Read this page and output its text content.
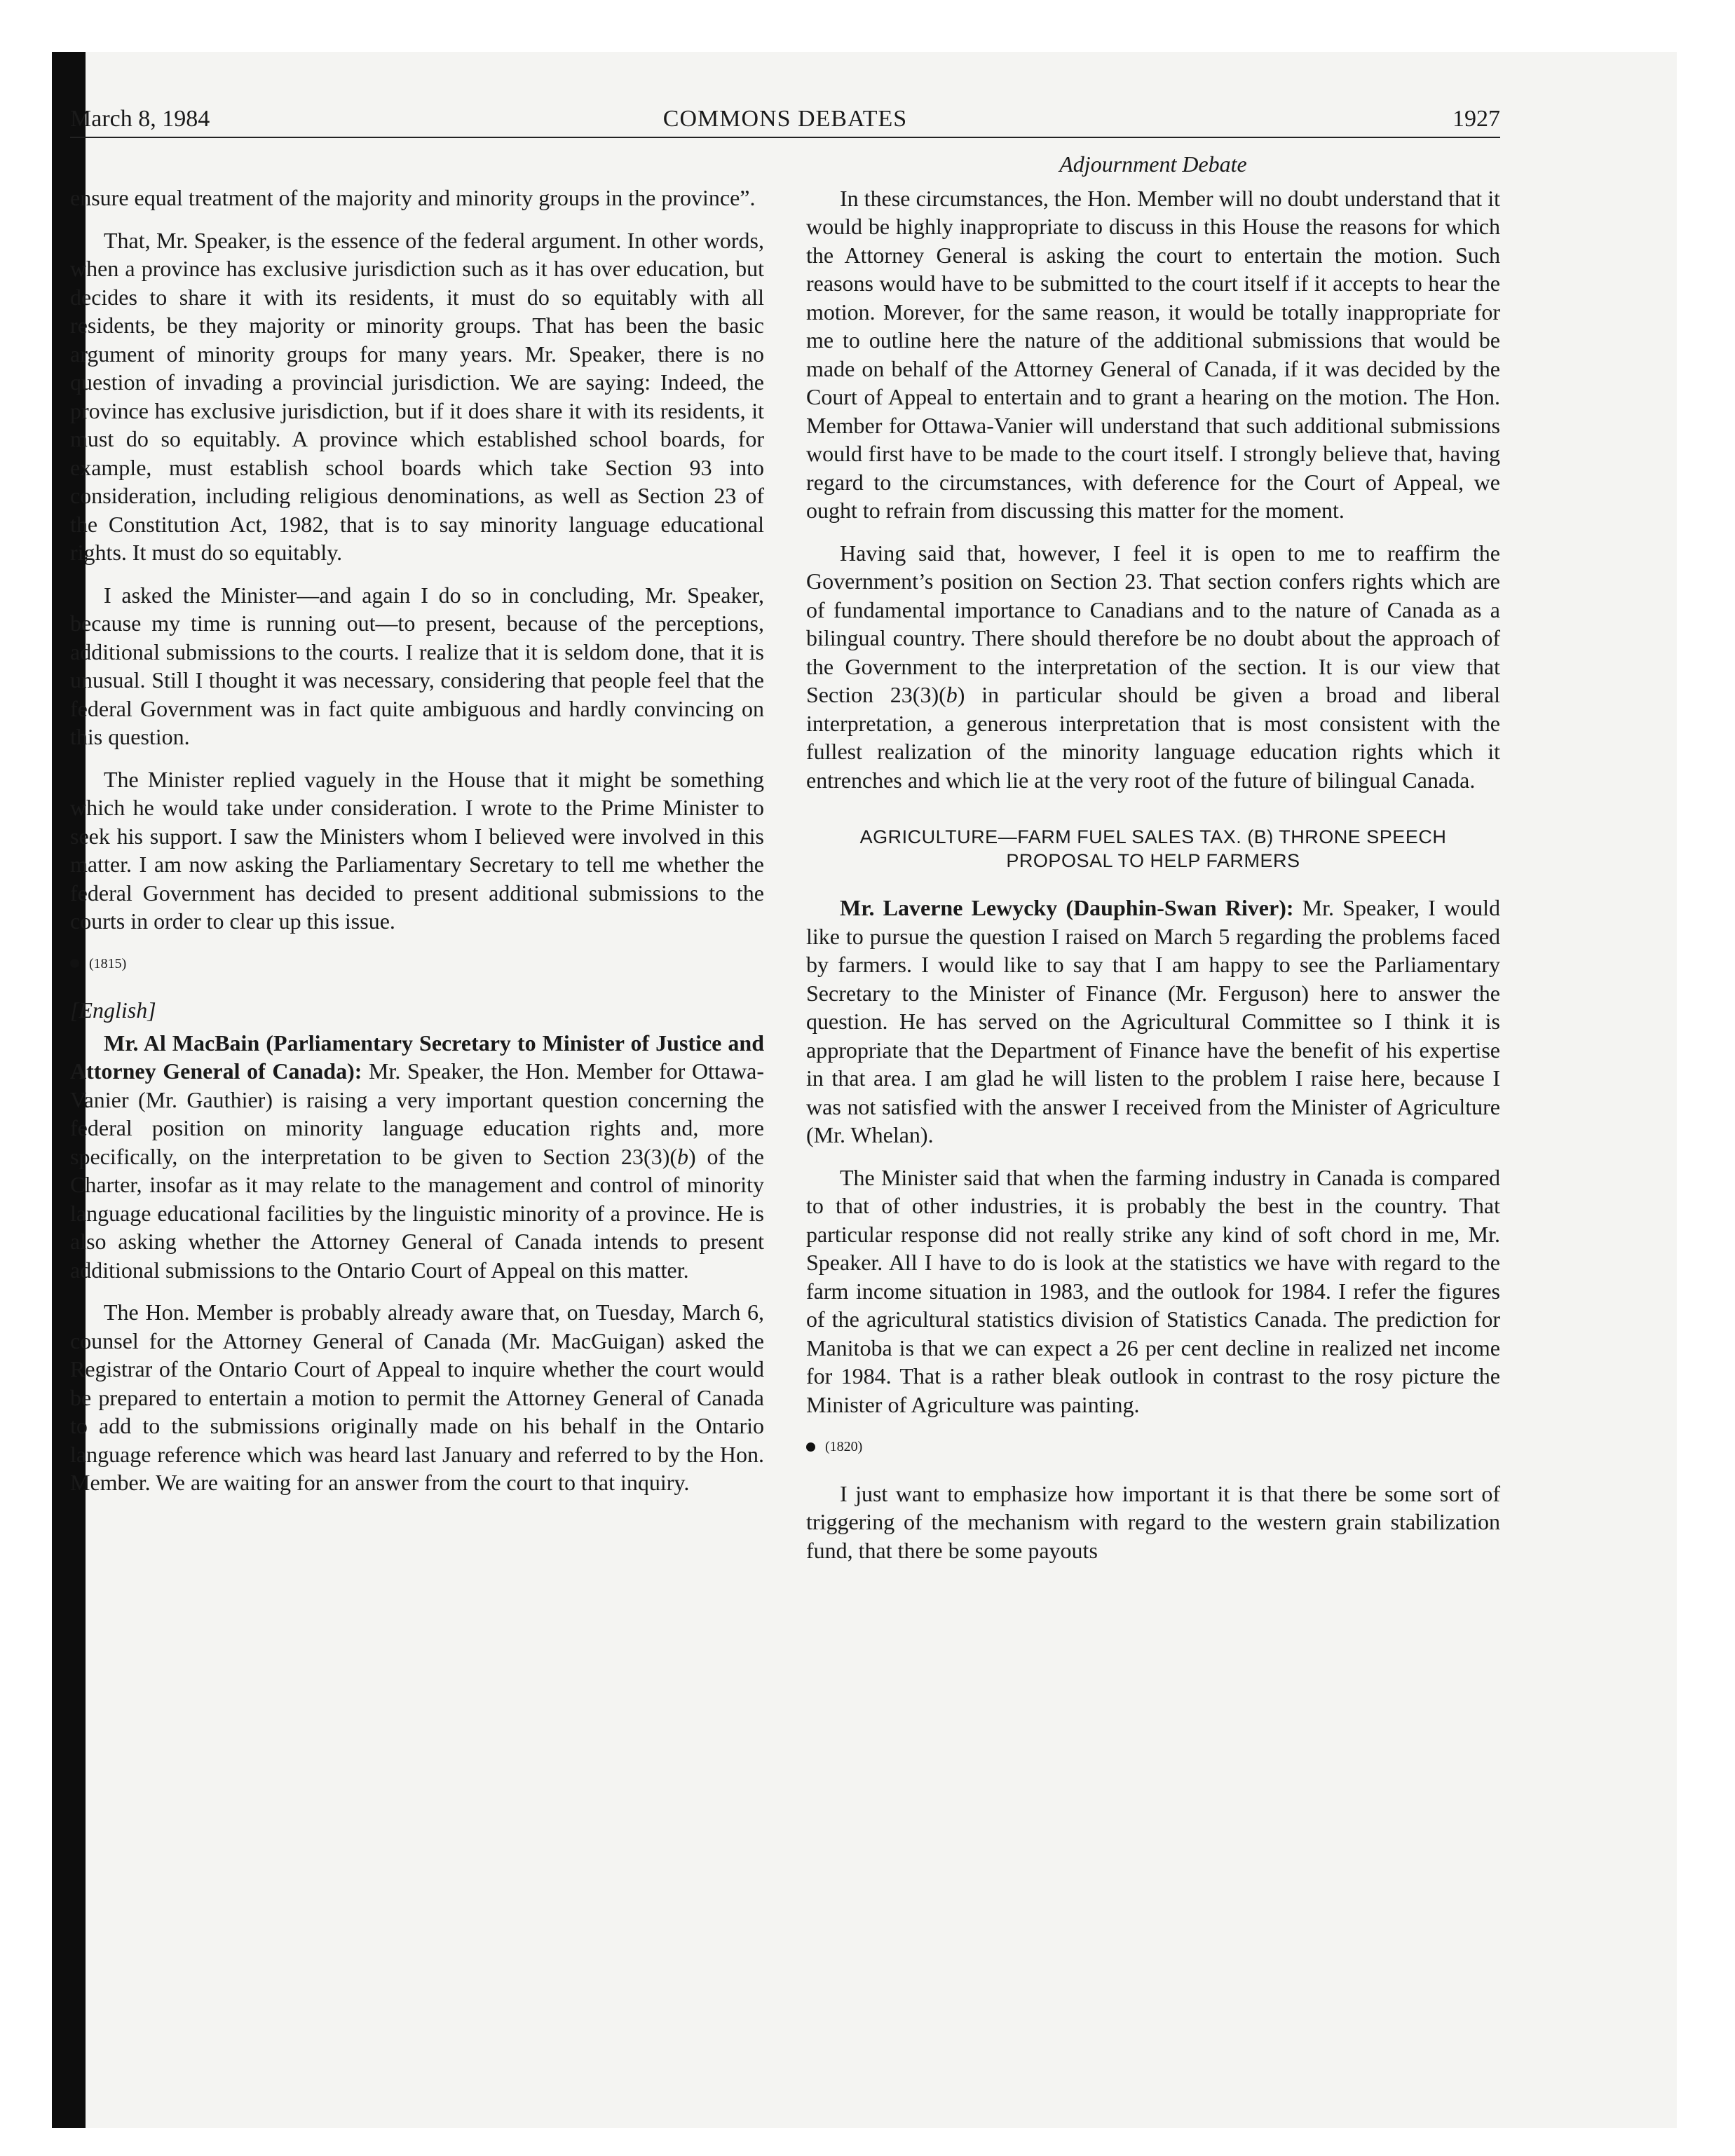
March 8, 1984	COMMONS DEBATES	1927

ensure equal treatment of the majority and minority groups in the province”.

That, Mr. Speaker, is the essence of the federal argument. In other words, when a province has exclusive jurisdiction such as it has over education, but decides to share it with its residents, it must do so equitably with all residents, be they majority or minority groups. That has been the basic argument of minority groups for many years. Mr. Speaker, there is no question of invading a provincial jurisdiction. We are saying: Indeed, the province has exclusive jurisdiction, but if it does share it with its residents, it must do so equitably. A province which established school boards, for example, must establish school boards which take Section 93 into consideration, including religious denominations, as well as Section 23 of the Constitution Act, 1982, that is to say minority language educational rights. It must do so equitably.

I asked the Minister—and again I do so in concluding, Mr. Speaker, because my time is running out—to present, because of the perceptions, additional submissions to the courts. I realize that it is seldom done, that it is unusual. Still I thought it was necessary, considering that people feel that the federal Government was in fact quite ambiguous and hardly convincing on this question.

The Minister replied vaguely in the House that it might be something which he would take under consideration. I wrote to the Prime Minister to seek his support. I saw the Ministers whom I believed were involved in this matter. I am now asking the Parliamentary Secretary to tell me whether the federal Government has decided to present additional submissions to the courts in order to clear up this issue.

(1815)
[English]

Mr. Al MacBain (Parliamentary Secretary to Minister of Justice and Attorney General of Canada): Mr. Speaker, the Hon. Member for Ottawa-Vanier (Mr. Gauthier) is raising a very important question concerning the federal position on minority language education rights and, more specifically, on the interpretation to be given to Section 23(3)(b) of the Charter, insofar as it may relate to the management and control of minority language educational facilities by the linguistic minority of a province. He is also asking whether the Attorney General of Canada intends to present additional submissions to the Ontario Court of Appeal on this matter.

The Hon. Member is probably already aware that, on Tuesday, March 6, counsel for the Attorney General of Canada (Mr. MacGuigan) asked the Registrar of the Ontario Court of Appeal to inquire whether the court would be prepared to entertain a motion to permit the Attorney General of Canada to add to the submissions originally made on his behalf in the Ontario language reference which was heard last January and referred to by the Hon. Member. We are waiting for an answer from the court to that inquiry.

Adjournment Debate

In these circumstances, the Hon. Member will no doubt understand that it would be highly inappropriate to discuss in this House the reasons for which the Attorney General is asking the court to entertain the motion. Such reasons would have to be submitted to the court itself if it accepts to hear the motion. Morever, for the same reason, it would be totally inappropriate for me to outline here the nature of the additional submissions that would be made on behalf of the Attorney General of Canada, if it was decided by the Court of Appeal to entertain and to grant a hearing on the motion. The Hon. Member for Ottawa-Vanier will understand that such additional submissions would first have to be made to the court itself. I strongly believe that, having regard to the circumstances, with deference for the Court of Appeal, we ought to refrain from discussing this matter for the moment.

Having said that, however, I feel it is open to me to reaffirm the Government’s position on Section 23. That section confers rights which are of fundamental importance to Canadians and to the nature of Canada as a bilingual country. There should therefore be no doubt about the approach of the Government to the interpretation of the section. It is our view that Section 23(3)(b) in particular should be given a broad and liberal interpretation, a generous interpretation that is most consistent with the fullest realization of the minority language education rights which it entrenches and which lie at the very root of the future of bilingual Canada.

AGRICULTURE—FARM FUEL SALES TAX. (B) THRONE SPEECH
PROPOSAL TO HELP FARMERS

Mr. Laverne Lewycky (Dauphin-Swan River): Mr. Speaker, I would like to pursue the question I raised on March 5 regarding the problems faced by farmers. I would like to say that I am happy to see the Parliamentary Secretary to the Minister of Finance (Mr. Ferguson) here to answer the question. He has served on the Agricultural Committee so I think it is appropriate that the Department of Finance have the benefit of his expertise in that area. I am glad he will listen to the problem I raise here, because I was not satisfied with the answer I received from the Minister of Agriculture (Mr. Whelan).

The Minister said that when the farming industry in Canada is compared to that of other industries, it is probably the best in the country. That particular response did not really strike any kind of soft chord in me, Mr. Speaker. All I have to do is look at the statistics we have with regard to the farm income situation in 1983, and the outlook for 1984. I refer the figures of the agricultural statistics division of Statistics Canada. The prediction for Manitoba is that we can expect a 26 per cent decline in realized net income for 1984. That is a rather bleak outlook in contrast to the rosy picture the Minister of Agriculture was painting.

(1820)

I just want to emphasize how important it is that there be some sort of triggering of the mechanism with regard to the western grain stabilization fund, that there be some payouts
